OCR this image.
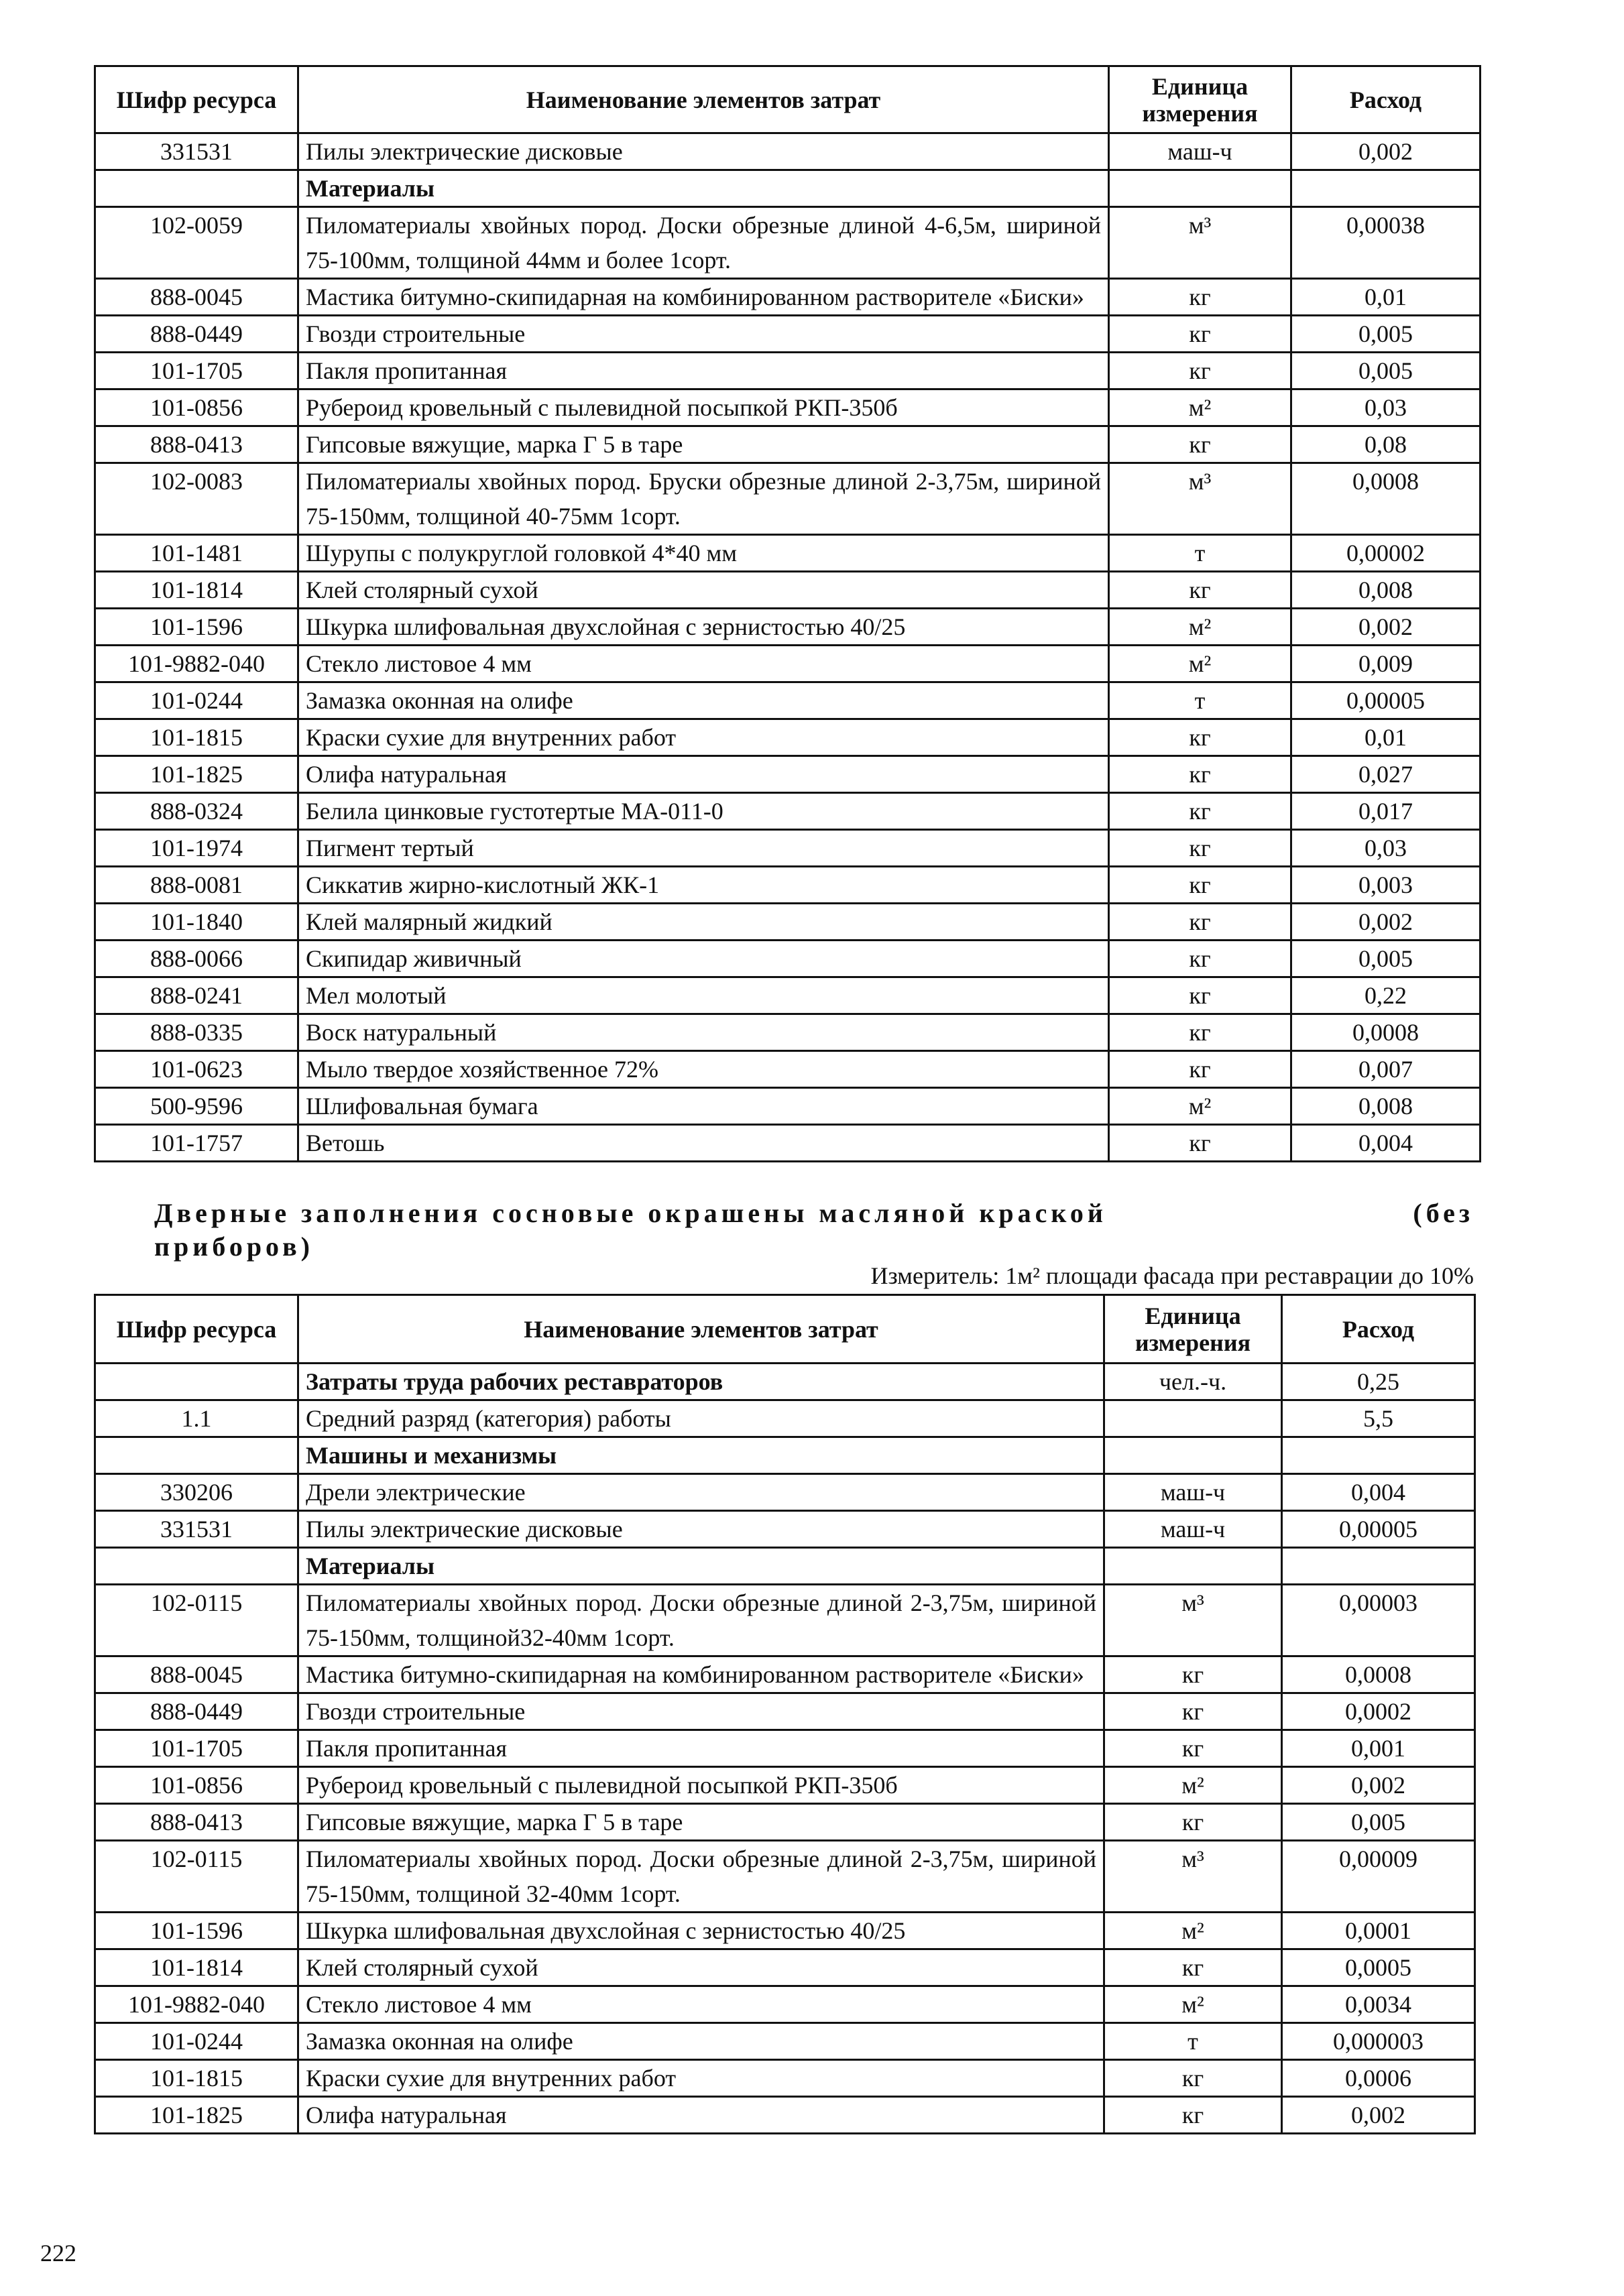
Шифр ресурса	Наименование элементов затрат	Единица измерения	Расход
331531	Пилы электрические дисковые	маш-ч	0,002
	Материалы		
102-0059	Пиломатериалы хвойных пород. Доски обрезные длиной 4-6,5м, шириной 75-100мм, толщиной 44мм и более 1сорт.	м³	0,00038
888-0045	Мастика битумно-скипидарная на комбинированном растворителе «Биски»	кг	0,01
888-0449	Гвозди строительные	кг	0,005
101-1705	Пакля пропитанная	кг	0,005
101-0856	Рубероид кровельный с пылевидной посыпкой РКП-350б	м²	0,03
888-0413	Гипсовые вяжущие, марка Г 5 в таре	кг	0,08
102-0083	Пиломатериалы хвойных пород. Бруски обрезные длиной 2-3,75м, шириной 75-150мм, толщиной 40-75мм 1сорт.	м³	0,0008
101-1481	Шурупы с полукруглой головкой 4*40 мм	т	0,00002
101-1814	Клей столярный сухой	кг	0,008
101-1596	Шкурка шлифовальная двухслойная с зернистостью 40/25	м²	0,002
101-9882-040	Стекло листовое 4 мм	м²	0,009
101-0244	Замазка оконная на олифе	т	0,00005
101-1815	Краски сухие для внутренних работ	кг	0,01
101-1825	Олифа натуральная	кг	0,027
888-0324	Белила цинковые густотертые МА-011-0	кг	0,017
101-1974	Пигмент тертый	кг	0,03
888-0081	Сиккатив жирно-кислотный ЖК-1	кг	0,003
101-1840	Клей малярный жидкий	кг	0,002
888-0066	Скипидар живичный	кг	0,005
888-0241	Мел молотый	кг	0,22
888-0335	Воск натуральный	кг	0,0008
101-0623	Мыло твердое хозяйственное 72%	кг	0,007
500-9596	Шлифовальная бумага	м²	0,008
101-1757	Ветошь	кг	0,004
Дверные заполнения сосновые окрашены масляной краской	(без
приборов)
Измеритель: 1м² площади фасада при реставрации до 10%
Шифр ресурса	Наименование элементов затрат	Единица измерения	Расход
	Затраты труда рабочих реставраторов	чел.-ч.	0,25
1.1	Средний разряд (категория) работы		5,5
	Машины и механизмы		
330206	Дрели электрические	маш-ч	0,004
331531	Пилы электрические дисковые	маш-ч	0,00005
	Материалы		
102-0115	Пиломатериалы хвойных пород. Доски обрезные длиной 2-3,75м, шириной 75-150мм, толщиной32-40мм 1сорт.	м³	0,00003
888-0045	Мастика битумно-скипидарная на комбинированном растворителе «Биски»	кг	0,0008
888-0449	Гвозди строительные	кг	0,0002
101-1705	Пакля пропитанная	кг	0,001
101-0856	Рубероид кровельный с пылевидной посыпкой РКП-350б	м²	0,002
888-0413	Гипсовые вяжущие, марка Г 5 в таре	кг	0,005
102-0115	Пиломатериалы хвойных пород. Доски обрезные длиной 2-3,75м, шириной 75-150мм, толщиной 32-40мм 1сорт.	м³	0,00009
101-1596	Шкурка шлифовальная двухслойная с зернистостью 40/25	м²	0,0001
101-1814	Клей столярный сухой	кг	0,0005
101-9882-040	Стекло листовое 4 мм	м²	0,0034
101-0244	Замазка оконная на олифе	т	0,000003
101-1815	Краски сухие для внутренних работ	кг	0,0006
101-1825	Олифа натуральная	кг	0,002
222
